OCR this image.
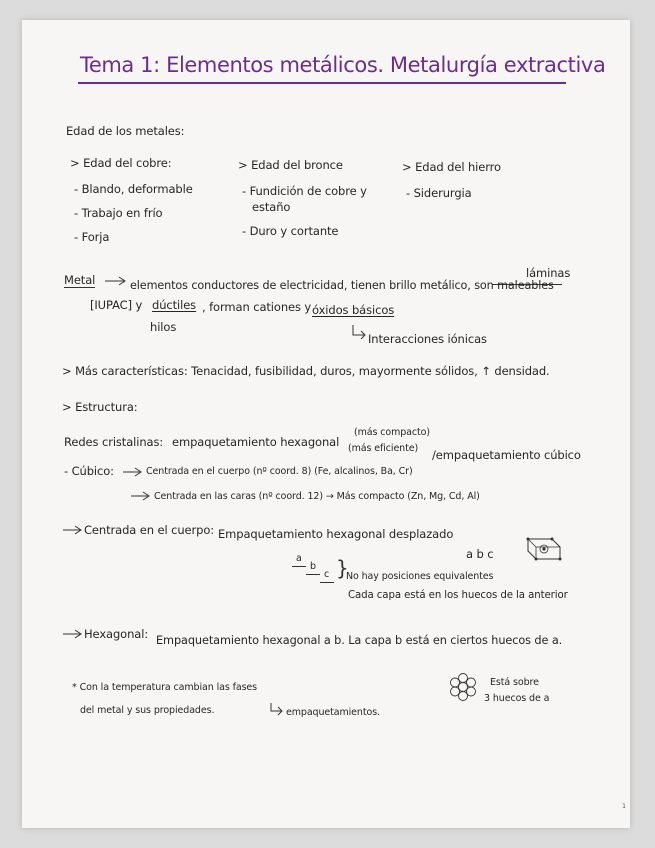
Tema 1: Elementos metálicos. Metalurgía extractiva
Edad de los metales:
> Edad del cobre:
- Blando, deformable
- Trabajo en frío
- Forja
> Edad del bronce
- Fundición de cobre y
estaño
- Duro y cortante
> Edad del hierro
- Siderurgia
láminas
Metal	elementos conductores de electricidad, tienen brillo metálico, son maleables
[IUPAC] y dúctiles , forman cationes y óxidos básicos
hilos
Interacciones iónicas
> Más características: Tenacidad, fusibilidad, duros, mayormente sólidos, ↑ densidad.
> Estructura:
(más compacto)
Redes cristalinas: empaquetamiento hexagonal (más eficiente) /empaquetamiento cúbico
- Cúbico:	Centrada en el cuerpo (nº coord. 8) (Fe, alcalinos, Ba, Cr)
Centrada en las caras (nº coord. 12) → Más compacto (Zn, Mg, Cd, Al)
Centrada en el cuerpo: Empaquetamiento hexagonal desplazado
a b c
a
b
c }
No hay posiciones equivalentes
Cada capa está en los huecos de la anterior
Hexagonal: Empaquetamiento hexagonal a b. La capa b está en ciertos huecos de a.
* Con la temperatura cambian las fases
del metal y sus propiedades.	empaquetamientos.
Está sobre
3 huecos de a
1
